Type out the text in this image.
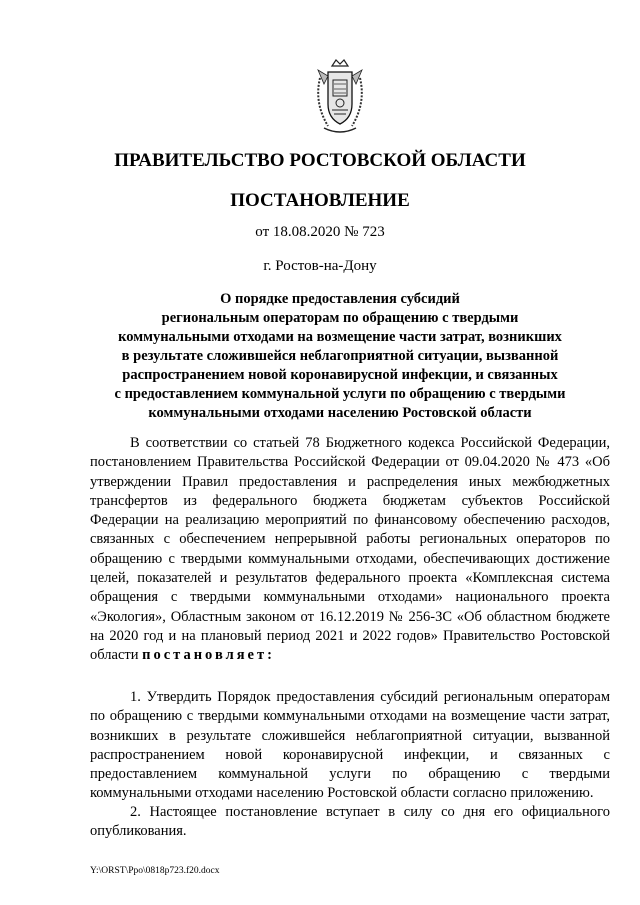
ПРАВИТЕЛЬСТВО РОСТОВСКОЙ ОБЛАСТИ
ПОСТАНОВЛЕНИЕ

от 18.08.2020 № 723

г. Ростов-на-Дону

О порядке предоставления субсидий
региональным операторам по обращению с твердыми
коммунальными отходами на возмещение части затрат, возникших
в результате сложившейся неблагоприятной ситуации, вызванной
распространением новой коронавирусной инфекции, и связанных
с предоставлением коммунальной услуги по обращению с твердыми
коммунальными отходами населению Ростовской области

В соответствии со статьей 78 Бюджетного кодекса Российской Федерации, постановлением Правительства Российской Федерации от 09.04.2020 № 473 «Об утверждении Правил предоставления и распределения иных межбюджетных трансфертов из федерального бюджета бюджетам субъектов Российской Федерации на реализацию мероприятий по финансовому обеспечению расходов, связанных с обеспечением непрерывной работы региональных операторов по обращению с твердыми коммунальными отходами, обеспечивающих достижение целей, показателей и результатов федерального проекта «Комплексная система обращения с твердыми коммунальными отходами» национального проекта «Экология», Областным законом от 16.12.2019 № 256-ЗС «Об областном бюджете на 2020 год и на плановый период 2021 и 2022 годов» Правительство Ростовской области постановляет:

1. Утвердить Порядок предоставления субсидий региональным операторам по обращению с твердыми коммунальными отходами на возмещение части затрат, возникших в результате сложившейся неблагоприятной ситуации, вызванной распространением новой коронавирусной инфекции, и связанных с предоставлением коммунальной услуги по обращению с твердыми коммунальными отходами населению Ростовской области согласно приложению.

2. Настоящее постановление вступает в силу со дня его официального опубликования.

Y:\ORST\Ppo\0818p723.f20.docx
